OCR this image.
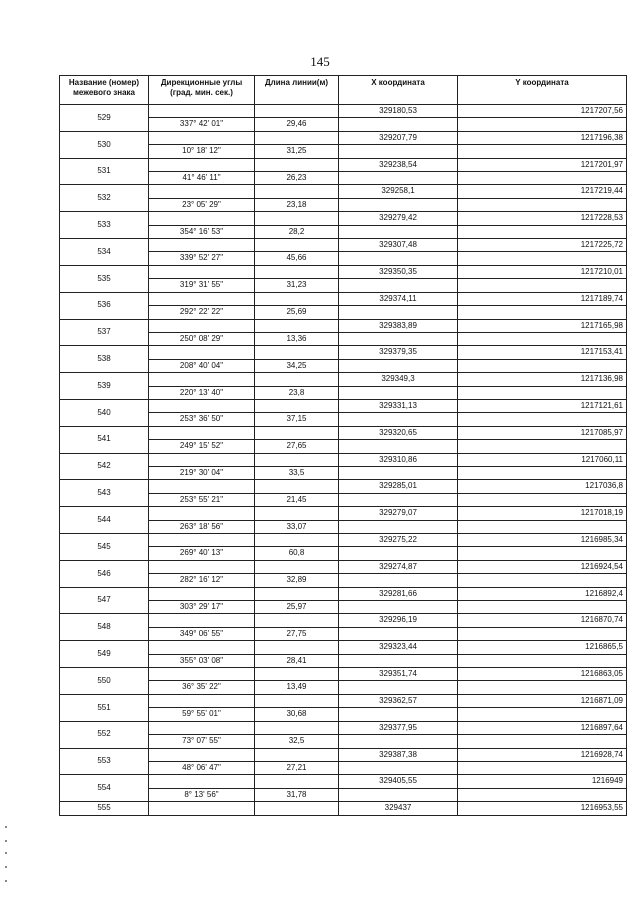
145
Название (номер) межевого знака	Дирекционные углы (град. мин. сек.)	Длина линии(м)	X координата	Y координата
529			329180,53	1217207,56
	337° 42' 01"	29,46		
530			329207,79	1217196,38
	10° 18' 12"	31,25		
531			329238,54	1217201,97
	41° 46' 11"	26,23		
532			329258,1	1217219,44
	23° 05' 29"	23,18		
533			329279,42	1217228,53
	354° 16' 53"	28,2		
534			329307,48	1217225,72
	339° 52' 27"	45,66		
535			329350,35	1217210,01
	319° 31' 55"	31,23		
536			329374,11	1217189,74
	292° 22' 22"	25,69		
537			329383,89	1217165,98
	250° 08' 29"	13,36		
538			329379,35	1217153,41
	208° 40' 04"	34,25		
539			329349,3	1217136,98
	220° 13' 40"	23,8		
540			329331,13	1217121,61
	253° 36' 50"	37,15		
541			329320,65	1217085,97
	249° 15' 52"	27,65		
542			329310,86	1217060,11
	219° 30' 04"	33,5		
543			329285,01	1217036,8
	253° 55' 21"	21,45		
544			329279,07	1217018,19
	263° 18' 56"	33,07		
545			329275,22	1216985,34
	269° 40' 13"	60,8		
546			329274,87	1216924,54
	282° 16' 12"	32,89		
547			329281,66	1216892,4
	303° 29' 17"	25,97		
548			329296,19	1216870,74
	349° 06' 55"	27,75		
549			329323,44	1216865,5
	355° 03' 08"	28,41		
550			329351,74	1216863,05
	36° 35' 22"	13,49		
551			329362,57	1216871,09
	59° 55' 01"	30,68		
552			329377,95	1216897,64
	73° 07' 55"	32,5		
553			329387,38	1216928,74
	48° 06' 47"	27,21		
554			329405,55	1216949
	8° 13' 56"	31,78		
555			329437	1216953,55
